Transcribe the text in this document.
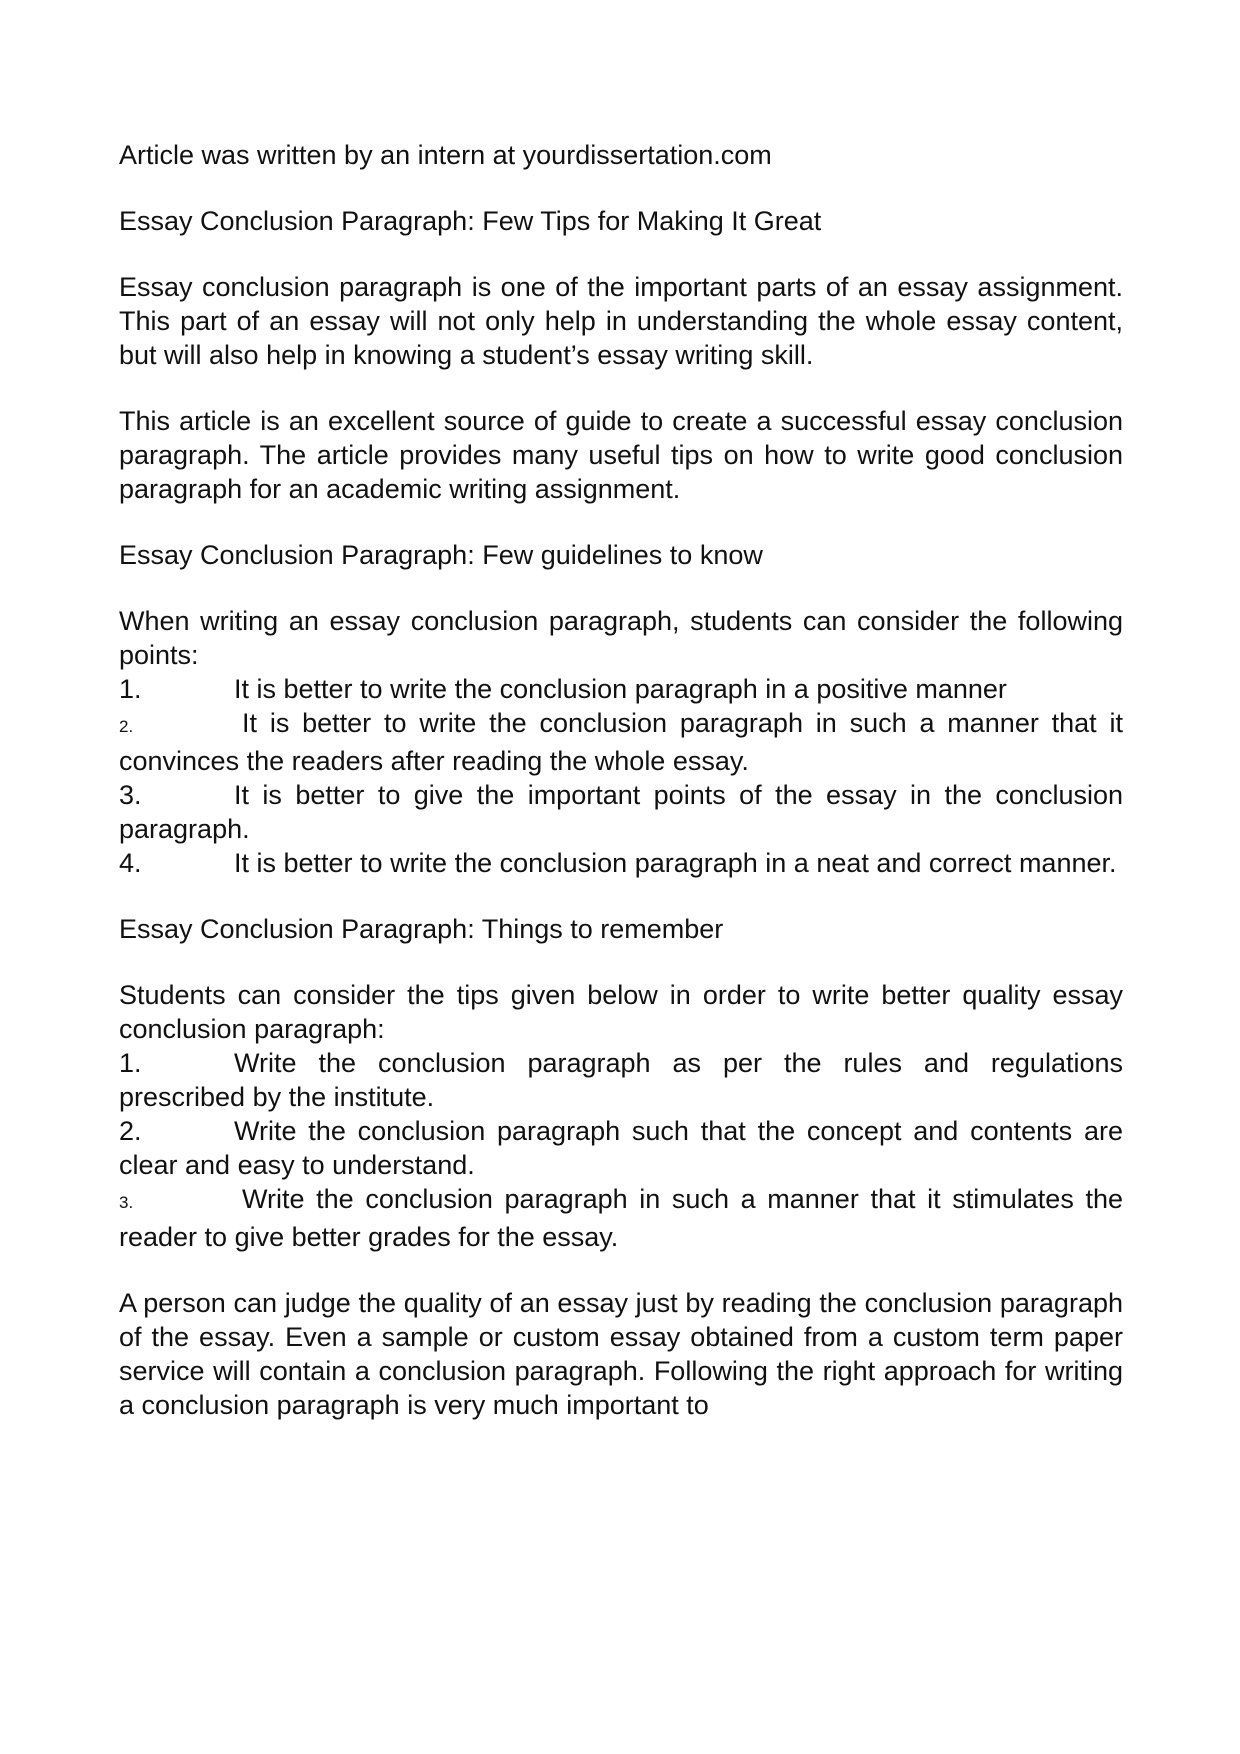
Article was written by an intern at yourdissertation.com

Essay Conclusion Paragraph: Few Tips for Making It Great

Essay conclusion paragraph is one of the important parts of an essay assignment. This part of an essay will not only help in understanding the whole essay content, but will also help in knowing a student’s essay writing skill.

This article is an excellent source of guide to create a successful essay conclusion paragraph. The article provides many useful tips on how to write good conclusion paragraph for an academic writing assignment.

Essay Conclusion Paragraph: Few guidelines to know

When writing an essay conclusion paragraph, students can consider the following points:

1.	It is better to write the conclusion paragraph in a positive manner

2.	It is better to write the conclusion paragraph in such a manner that it convinces the readers after reading the whole essay.

3.	It is better to give the important points of the essay in the conclusion paragraph.

4.	It is better to write the conclusion paragraph in a neat and correct manner.

Essay Conclusion Paragraph: Things to remember

Students can consider the tips given below in order to write better quality essay conclusion paragraph:

1.	Write the conclusion paragraph as per the rules and regulations prescribed by the institute.

2.	Write the conclusion paragraph such that the concept and contents are clear and easy to understand.

3.	Write the conclusion paragraph in such a manner that it stimulates the reader to give better grades for the essay.

A person can judge the quality of an essay just by reading the conclusion paragraph of the essay. Even a sample or custom essay obtained from a custom term paper service will contain a conclusion paragraph. Following the right approach for writing a conclusion paragraph is very much important to
